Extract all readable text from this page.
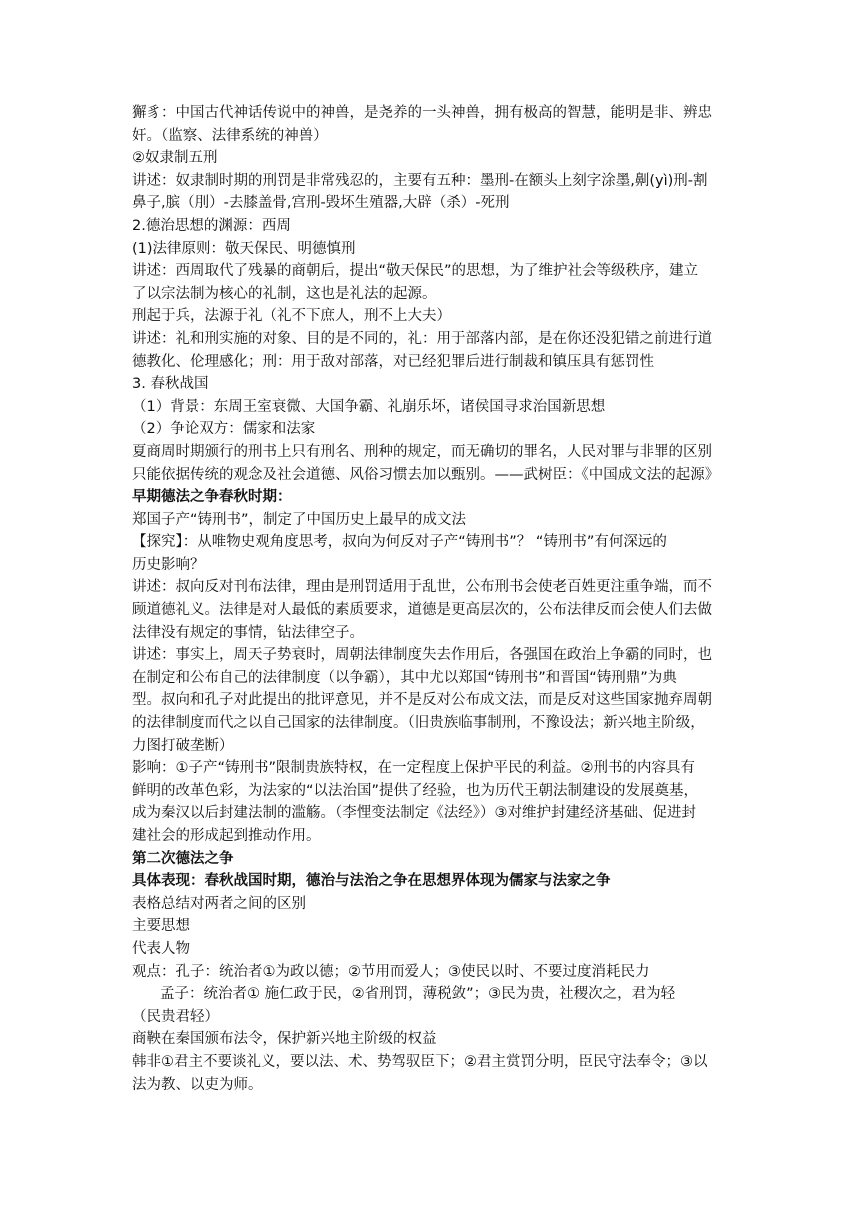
獬豸：中国古代神话传说中的神兽，是尧养的一头神兽，拥有极高的智慧，能明是非、辨忠

奸。（监察、法律系统的神兽）

②奴隶制五刑

讲述：奴隶制时期的刑罚是非常残忍的，主要有五种：墨刑-在额头上刻字涂墨,劓(yì)刑-割

鼻子,膑（刖）-去膝盖骨,宫刑-毁坏生殖器,大辟（杀）-死刑

2.德治思想的渊源：西周

(1)法律原则：敬天保民、明德慎刑

讲述：西周取代了残暴的商朝后，提出“敬天保民”的思想，为了维护社会等级秩序，建立

了以宗法制为核心的礼制，这也是礼法的起源。

刑起于兵，法源于礼（礼不下庶人，刑不上大夫）

讲述：礼和刑实施的对象、目的是不同的，礼：用于部落内部，是在你还没犯错之前进行道

德教化、伦理感化；刑：用于敌对部落，对已经犯罪后进行制裁和镇压具有惩罚性

3. 春秋战国

（1）背景：东周王室衰微、大国争霸、礼崩乐坏，诸侯国寻求治国新思想

（2）争论双方：儒家和法家

夏商周时期颁行的刑书上只有刑名、刑种的规定，而无确切的罪名，人民对罪与非罪的区别

只能依据传统的观念及社会道德、风俗习惯去加以甄别。——武树臣：《中国成文法的起源》

早期德法之争春秋时期：

郑国子产“铸刑书”，制定了中国历史上最早的成文法

【探究】：从唯物史观角度思考，叔向为何反对子产“铸刑书”？ “铸刑书”有何深远的

历史影响？

讲述：叔向反对刊布法律，理由是刑罚适用于乱世，公布刑书会使老百姓更注重争端，而不

顾道德礼义。法律是对人最低的素质要求，道德是更高层次的，公布法律反而会使人们去做

法律没有规定的事情，钻法律空子。

讲述：事实上，周天子势衰时，周朝法律制度失去作用后，各强国在政治上争霸的同时，也

在制定和公布自己的法律制度（以争霸），其中尤以郑国“铸刑书”和晋国“铸刑鼎”为典

型。叔向和孔子对此提出的批评意见，并不是反对公布成文法，而是反对这些国家抛弃周朝

的法律制度而代之以自己国家的法律制度。（旧贵族临事制刑，不豫设法；新兴地主阶级，

力图打破垄断）

影响：①子产“铸刑书”限制贵族特权，在一定程度上保护平民的利益。②刑书的内容具有

鲜明的改革色彩，为法家的“以法治国”提供了经验，也为历代王朝法制建设的发展奠基，

成为秦汉以后封建法制的滥觞。（李悝变法制定《法经》）③对维护封建经济基础、促进封

建社会的形成起到推动作用。

第二次德法之争

具体表现：春秋战国时期，德治与法治之争在思想界体现为儒家与法家之争

表格总结对两者之间的区别

主要思想

代表人物

观点：孔子：统治者①为政以德；②节用而爱人；③使民以时、不要过度消耗民力

孟子：统治者① 施仁政于民，②省刑罚，薄税敛”；③民为贵，社稷次之，君为轻

（民贵君轻）

商鞅在秦国颁布法令，保护新兴地主阶级的权益

韩非①君主不要谈礼义，要以法、术、势驾驭臣下；②君主赏罚分明，臣民守法奉令；③以

法为教、以吏为师。
